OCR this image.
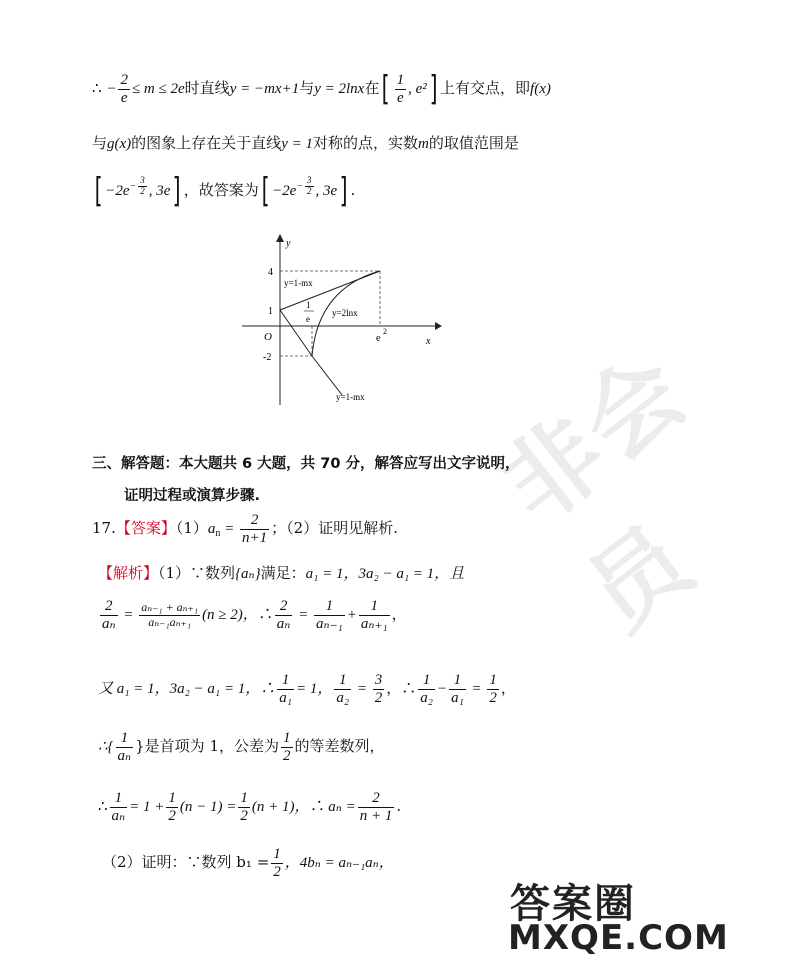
非会员
∴ − $\frac{2}{e} \le m \le 2e$时直线y = −mx+1与y = 2lnx在[ $\frac{1}{e}$ , e²] 上有交点，即f(x)
与g(x)的图象上存在关于直线y = 1对称的点，实数m的取值范围是
[ $-2e^{- \frac{3}{2}}$ , 3e] ，故答案为[ $-2e^{- \frac{3}{2}}$ , 3e] .
y
x
O
4
1
-2
e
2
1
e
y=1-mx
y=2lnx
y=1-mx
三、解答题：本大题共 6 大题，共 70 分，解答应写出文字说明，
证明过程或演算步骤.
17.【答案】$(1)a_n = \frac{2}{n+1}$ ；（2）证明见解析.
【解析】（1）∵数列{aₙ}满足：a₁ = 1，3a₂ − a₁ = 1，且
$\frac{2}{\text{aₙ}} = \frac{\text{aₙ₋₁ + aₙ₊₁}}{\text{aₙ₋₁aₙ₊₁}} (n \ge 2)$，∴ $\frac{2}{\text{aₙ}} = \frac{1}{\text{aₙ₋₁}} + \frac{1}{\text{aₙ₊₁}}$ ，
又 a₁ = 1，3a₂ − a₁ = 1，∴ $\frac{1}{\text{a₁}} = 1$， $\frac{1}{\text{a₂}} = \frac{3}{2}$ ，∴ $\frac{1}{\text{a₂}} - \frac{1}{\text{a₁}} = \frac{1}{2}$ ，
∴{ $\frac{1}{\text{aₙ}}$ }是首项为 1，公差为 $\frac{1}{2}$ 的等差数列，
∴ $\frac{1}{\text{aₙ}} = 1 + \frac{1}{2} (n - 1) = \frac{1}{2} (n + 1)$，∴ $a_n = \frac{2}{n + 1}$ .
（2）证明：∵数列 $b_1 = \frac{1}{2}$ ，4bₙ = aₙ₋₁aₙ，
答案圈
MXQE.COM
